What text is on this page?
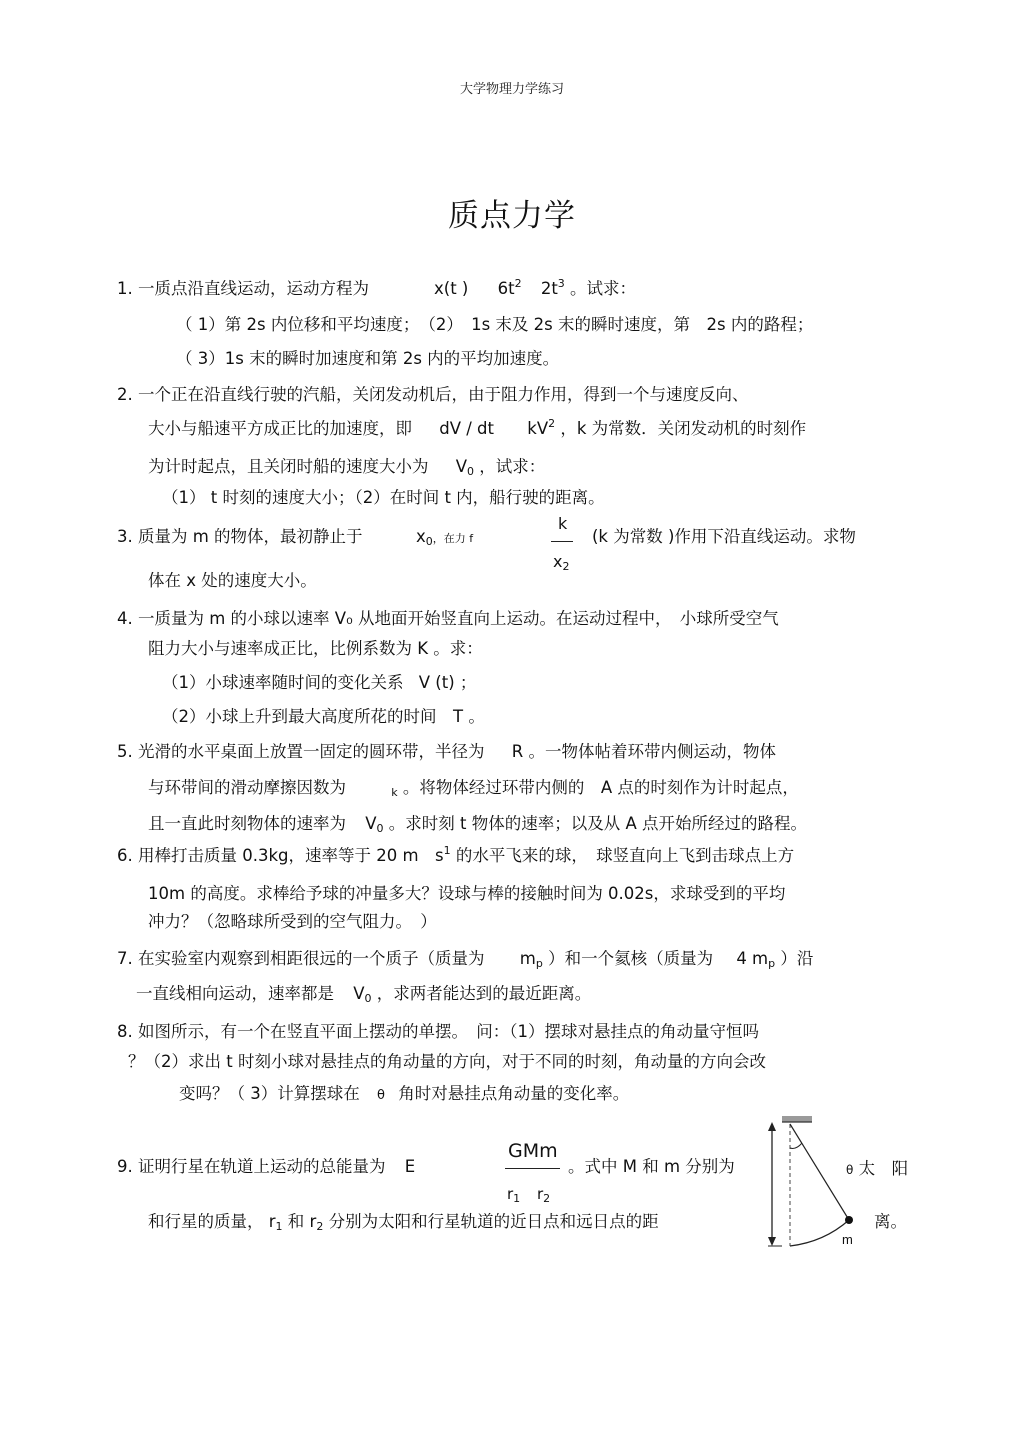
大学物理力学练习
质点力学
1. 一质点沿直线运动，运动方程为	x(t ) $6t^2$ $2t^3$ 。试求：
（ 1）第 2s 内位移和平均速度；　（2）　1s 末及 2s 末的瞬时速度，第　2s 内的路程；
（ 3）1s 末的瞬时加速度和第 2s 内的平均加速度。
2. 一个正在沿直线行驶的汽船，关闭发动机后，由于阻力作用，得到一个与速度反向、
大小与船速平方成正比的加速度，即 dV / dt $kV^2$ ，k 为常数．关闭发动机的时刻作
为计时起点，且关闭时船的速度大小为 $V_0$ ，试求：
（1） t 时刻的速度大小；（2）在时间 t 内，船行驶的距离。
3. 质量为 m 的物体，最初静止于	$x_0$，在力 f
k
$x_2$
(k 为常数 )作用下沿直线运动。求物
体在 x 处的速度大小。
4. 一质量为 m 的小球以速率 V₀ 从地面开始竖直向上运动。在运动过程中，　小球所受空气
阻力大小与速率成正比，比例系数为 K 。求：
（1）小球速率随时间的变化关系 V (t) ；
（2）小球上升到最大高度所花的时间　T 。
5. 光滑的水平桌面上放置一固定的圆环带，半径为 R 。一物体帖着环带内侧运动，物体
与环带间的滑动摩擦因数为	$_k$ 。将物体经过环带内侧的　A 点的时刻作为计时起点，
且一直此时刻物体的速率为 $V_0$ 。求时刻 t 物体的速率；以及从 A 点开始所经过的路程。
6. 用棒打击质量 0.3kg，速率等于 20 m　$s^1$ 的水平飞来的球，　球竖直向上飞到击球点上方
10m 的高度。求棒给予球的冲量多大？设球与棒的接触时间为 0.02s，求球受到的平均
冲力？（忽略球所受到的空气阻力。　）
7. 在实验室内观察到相距很远的一个质子（质量为 $m_p$ ）和一个氦核（质量为 4 $m_p$ ）沿
一直线相向运动，速率都是 $V_0$ ，求两者能达到的最近距离。
8. 如图所示，有一个在竖直平面上摆动的单摆。　问：（1）摆球对悬挂点的角动量守恒吗
？（2）求出 t 时刻小球对悬挂点的角动量的方向，对于不同的时刻，角动量的方向会改
变吗？（ 3）计算摆球在 θ 角时对悬挂点角动量的变化率。
9. 证明行星在轨道上运动的总能量为 E
GMm
$r_1$ $r_2$
。式中 M 和 m 分别为	θ 太　阳
和行星的质量， $r_1$ 和 $r_2$ 分别为太阳和行星轨道的近日点和远日点的距	离。
m
